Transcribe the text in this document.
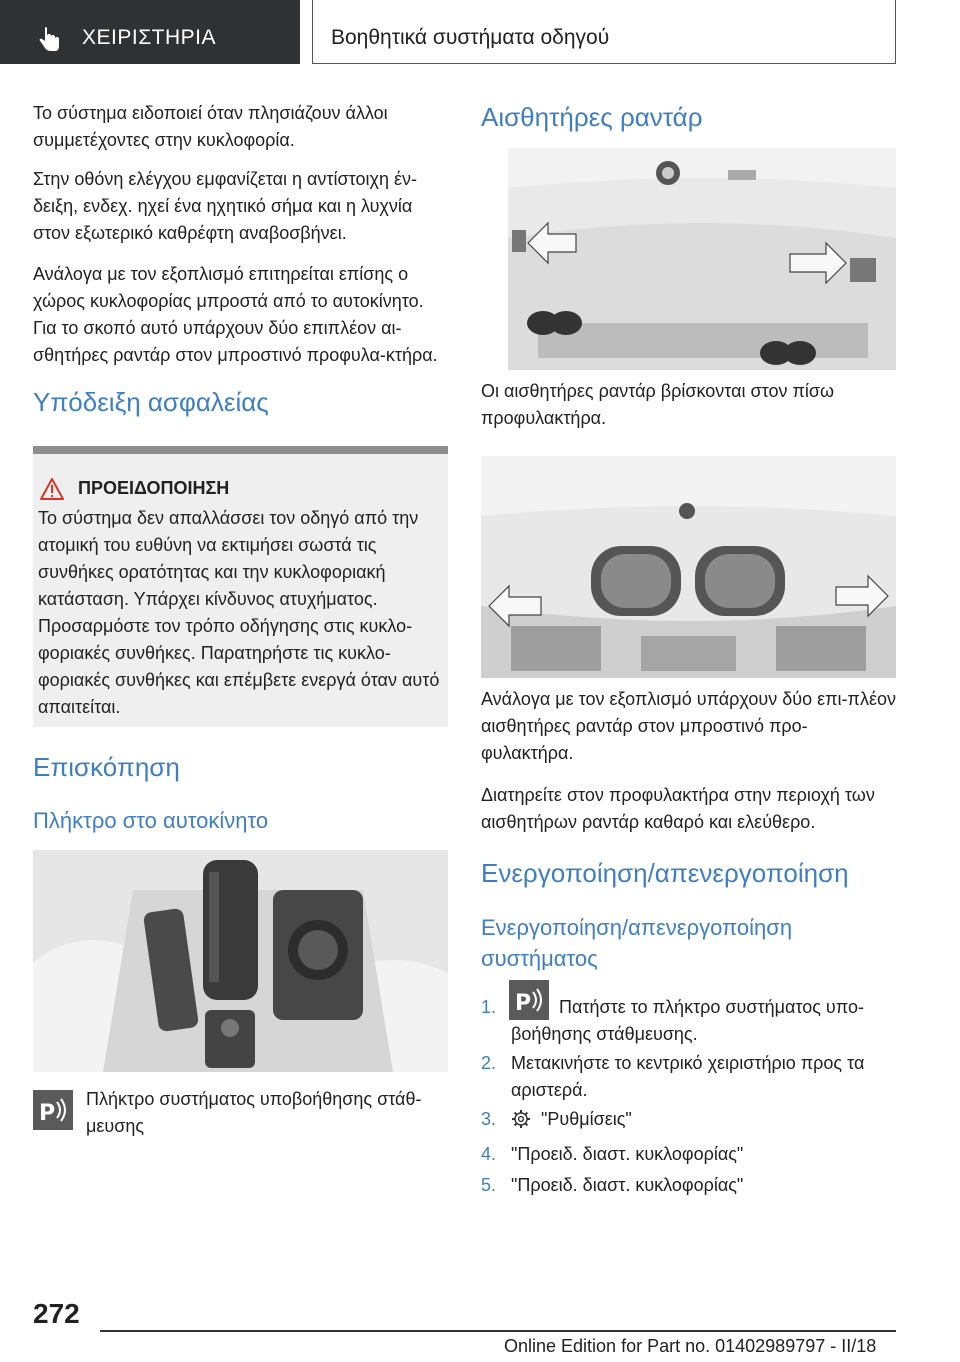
ΧΕΙΡΙΣΤΗΡΙΑ	Βοηθητικά συστήματα οδηγού

Το σύστημα ειδοποιεί όταν πλησιάζουν άλλοι συμμετέχοντες στην κυκλοφορία.

Στην οθόνη ελέγχου εμφανίζεται η αντίστοιχη έν-δειξη, ενδεχ. ηχεί ένα ηχητικό σήμα και η λυχνία στον εξωτερικό καθρέφτη αναβοσβήνει.

Ανάλογα με τον εξοπλισμό επιτηρείται επίσης ο χώρος κυκλοφορίας μπροστά από το αυτοκίνητο. Για το σκοπό αυτό υπάρχουν δύο επιπλέον αι-σθητήρες ραντάρ στον μπροστινό προφυλα-κτήρα.

Υπόδειξη ασφαλείας
ΠΡΟΕΙΔΟΠΟΙΗΣΗ
Το σύστημα δεν απαλλάσσει τον οδηγό από την ατομική του ευθύνη να εκτιμήσει σωστά τις συνθήκες ορατότητας και την κυκλοφοριακή κατάσταση. Υπάρχει κίνδυνος ατυχήματος. Προσαρμόστε τον τρόπο οδήγησης στις κυκλο-φοριακές συνθήκες. Παρατηρήστε τις κυκλο-φοριακές συνθήκες και επέμβετε ενεργά όταν αυτό απαιτείται.
Επισκόπηση
Πλήκτρο στο αυτοκίνητο
P
Πλήκτρο συστήματος υποβοήθησης στάθ-μευσης
Αισθητήρες ραντάρ
Οι αισθητήρες ραντάρ βρίσκονται στον πίσω προφυλακτήρα.
Ανάλογα με τον εξοπλισμό υπάρχουν δύο επι-πλέον αισθητήρες ραντάρ στον μπροστινό προ-φυλακτήρα.
Διατηρείτε στον προφυλακτήρα στην περιοχή των αισθητήρων ραντάρ καθαρό και ελεύθερο.
Ενεργοποίηση/απενεργοποίηση
Ενεργοποίηση/απενεργοποίηση συστήματος
1. P	Πατήστε το πλήκτρο συστήματος υπο-βοήθησης στάθμευσης.
2. Μετακινήστε το κεντρικό χειριστήριο προς τα αριστερά.
3. "Ρυθμίσεις"
4. "Προειδ. διαστ. κυκλοφορίας"
5. "Προειδ. διαστ. κυκλοφορίας"
272
Online Edition for Part no. 01402989797 - II/18
